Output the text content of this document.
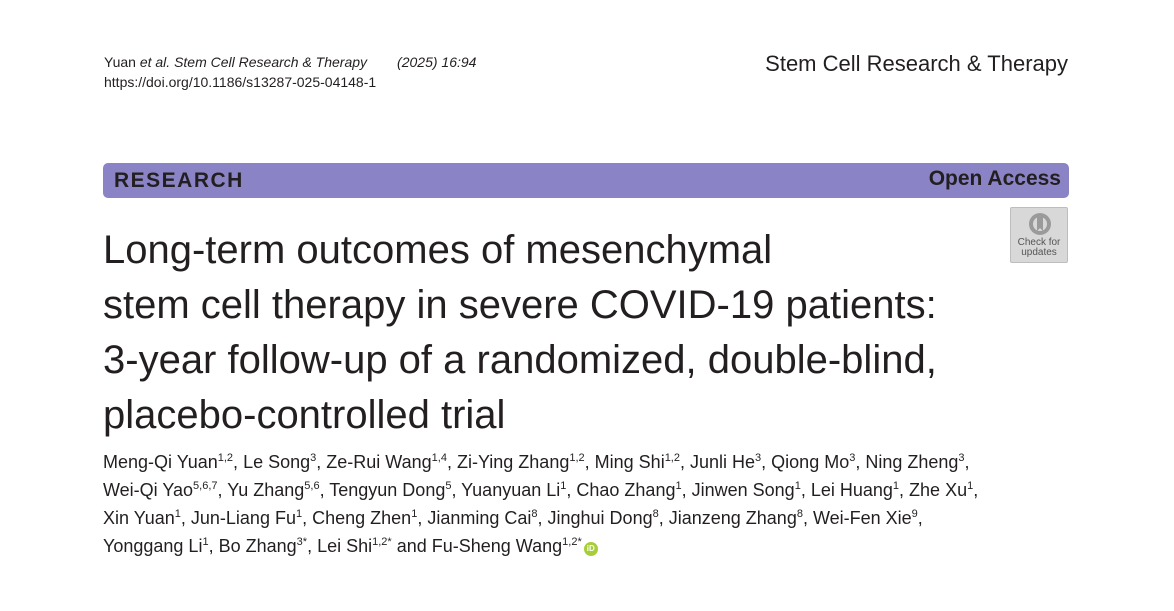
Yuan et al. Stem Cell Research & Therapy (2025) 16:94
https://doi.org/10.1186/s13287-025-04148-1
Stem Cell Research & Therapy
RESEARCH	Open Access
Check for
updates
Long-term outcomes of mesenchymal
stem cell therapy in severe COVID-19 patients:
3-year follow-up of a randomized, double-blind,
placebo-controlled trial
Meng-Qi Yuan$^{1,2}$, Le Song$^3$, Ze-Rui Wang$^{1,4}$, Zi-Ying Zhang$^{1,2}$, Ming Shi$^{1,2}$, Junli He$^3$, Qiong Mo$^3$, Ning Zheng$^3$,
Wei-Qi Yao$^{5,6,7}$, Yu Zhang$^{5,6}$, Tengyun Dong$^5$, Yuanyuan Li$^1$, Chao Zhang$^1$, Jinwen Song$^1$, Lei Huang$^1$, Zhe Xu$^1$,
Xin Yuan$^1$, Jun-Liang Fu$^1$, Cheng Zhen$^1$, Jianming Cai$^8$, Jinghui Dong$^8$, Jianzeng Zhang$^8$, Wei-Fen Xie$^9$,
Yonggang Li$^1$, Bo Zhang$^{3*}$, Lei Shi$^{1,2*}$ and Fu-Sheng Wang$^{1,2*}$iD
